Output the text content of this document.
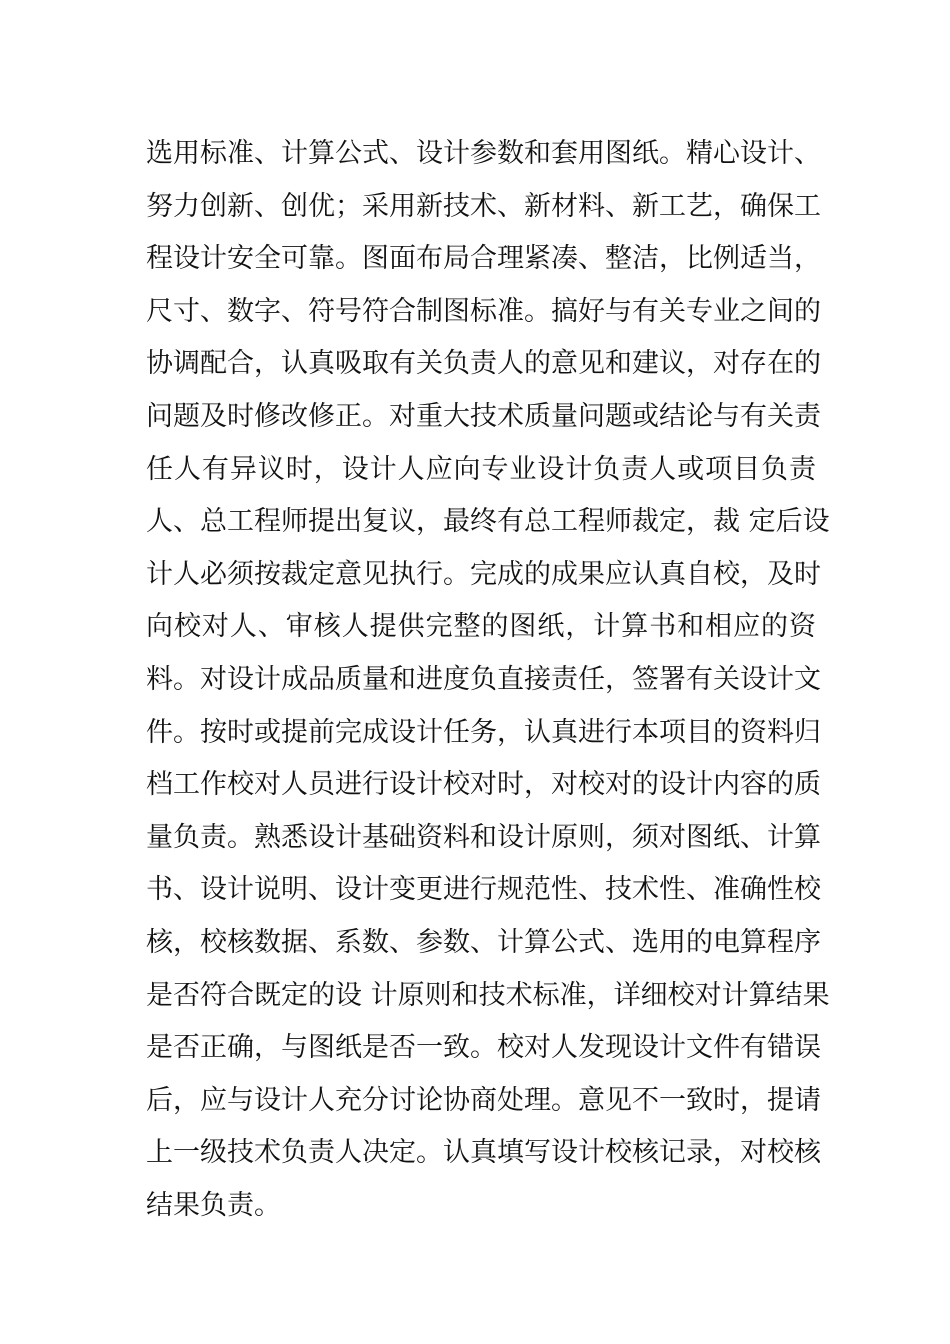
选用标准、计算公式、设计参数和套用图纸。精心设计、
努力创新、创优；采用新技术、新材料、新工艺，确保工
程设计安全可靠。图面布局合理紧凑、整洁，比例适当，
尺寸、数字、符号符合制图标准。搞好与有关专业之间的
协调配合，认真吸取有关负责人的意见和建议，对存在的
问题及时修改修正。对重大技术质量问题或结论与有关责
任人有异议时，设计人应向专业设计负责人或项目负责
人、总工程师提出复议，最终有总工程师裁定，裁 定后设
计人必须按裁定意见执行。完成的成果应认真自校，及时
向校对人、审核人提供完整的图纸，计算书和相应的资
料。对设计成品质量和进度负直接责任，签署有关设计文
件。按时或提前完成设计任务，认真进行本项目的资料归
档工作校对人员进行设计校对时，对校对的设计内容的质
量负责。熟悉设计基础资料和设计原则，须对图纸、计算
书、设计说明、设计变更进行规范性、技术性、准确性校
核，校核数据、系数、参数、计算公式、选用的电算程序
是否符合既定的设 计原则和技术标准，详细校对计算结果
是否正确，与图纸是否一致。校对人发现设计文件有错误
后，应与设计人充分讨论协商处理。意见不一致时，提请
上一级技术负责人决定。认真填写设计校核记录，对校核
结果负责。
